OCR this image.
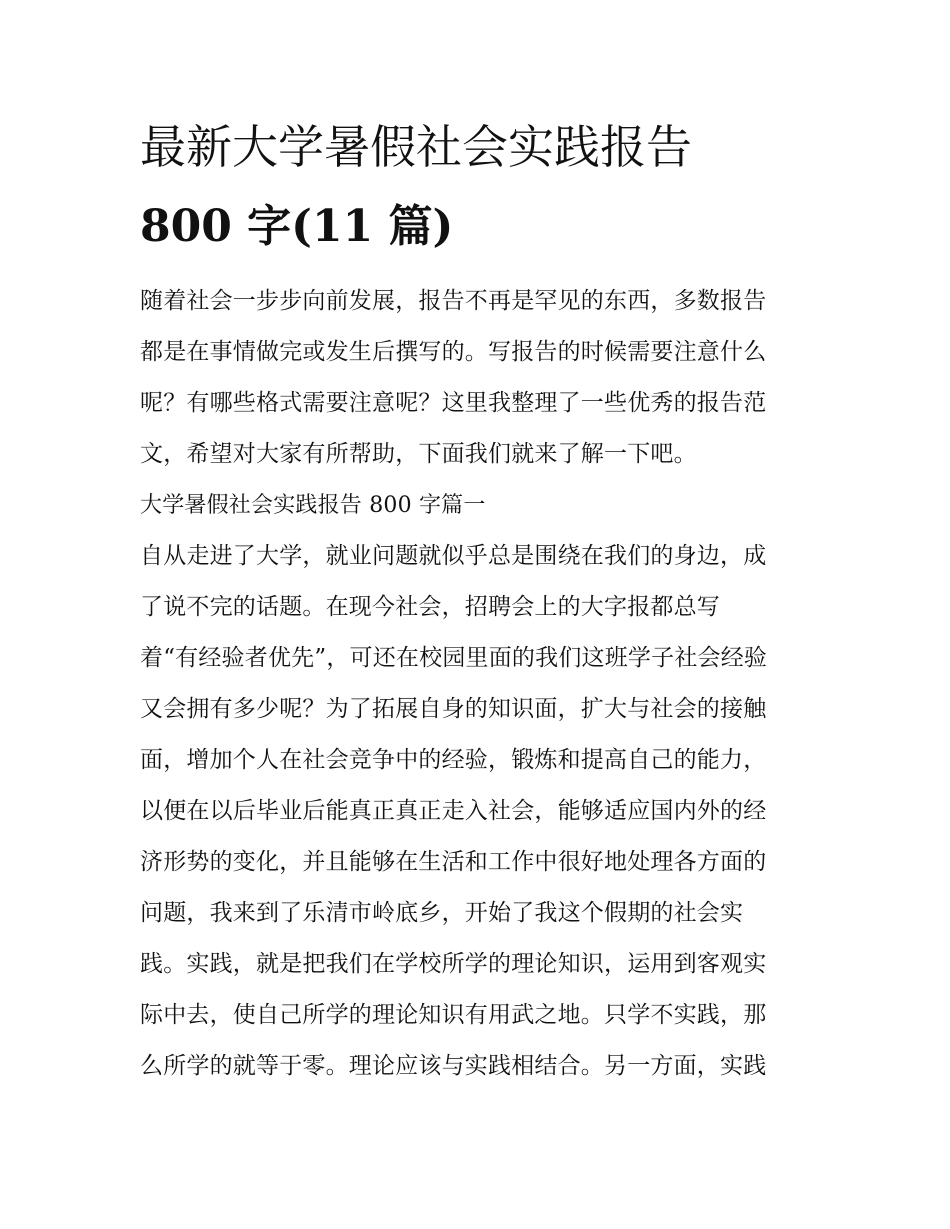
最新大学暑假社会实践报告
800 字(11 篇)
随着社会一步步向前发展，报告不再是罕见的东西，多数报告
都是在事情做完或发生后撰写的。写报告的时候需要注意什么
呢？有哪些格式需要注意呢？这里我整理了一些优秀的报告范
文，希望对大家有所帮助，下面我们就来了解一下吧。
大学暑假社会实践报告 800 字篇一
自从走进了大学，就业问题就似乎总是围绕在我们的身边，成
了说不完的话题。在现今社会，招聘会上的大字报都总写
着“有经验者优先”，可还在校园里面的我们这班学子社会经验
又会拥有多少呢？为了拓展自身的知识面，扩大与社会的接触
面，增加个人在社会竞争中的经验，锻炼和提高自己的能力，
以便在以后毕业后能真正真正走入社会，能够适应国内外的经
济形势的变化，并且能够在生活和工作中很好地处理各方面的
问题，我来到了乐清市岭底乡，开始了我这个假期的社会实
践。实践，就是把我们在学校所学的理论知识，运用到客观实
际中去，使自己所学的理论知识有用武之地。只学不实践，那
么所学的就等于零。理论应该与实践相结合。另一方面，实践
